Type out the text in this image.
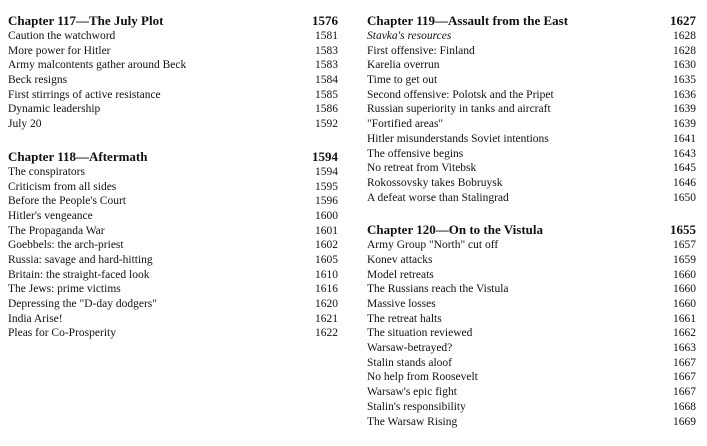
Chapter 117—The July Plot	1576
Caution the watchword	1581
More power for Hitler	1583
Army malcontents gather around Beck	1583
Beck resigns	1584
First stirrings of active resistance	1585
Dynamic leadership	1586
July 20	1592
Chapter 118—Aftermath	1594
The conspirators	1594
Criticism from all sides	1595
Before the People's Court	1596
Hitler's vengeance	1600
The Propaganda War	1601
Goebbels: the arch-priest	1602
Russia: savage and hard-hitting	1605
Britain: the straight-faced look	1610
The Jews: prime victims	1616
Depressing the "D-day dodgers"	1620
India Arise!	1621
Pleas for Co-Prosperity	1622
Chapter 119—Assault from the East	1627
Stavka's resources	1628
First offensive: Finland	1628
Karelia overrun	1630
Time to get out	1635
Second offensive: Polotsk and the Pripet	1636
Russian superiority in tanks and aircraft	1639
"Fortified areas"	1639
Hitler misunderstands Soviet intentions	1641
The offensive begins	1643
No retreat from Vitebsk	1645
Rokossovsky takes Bobruysk	1646
A defeat worse than Stalingrad	1650
Chapter 120—On to the Vistula	1655
Army Group "North" cut off	1657
Konev attacks	1659
Model retreats	1660
The Russians reach the Vistula	1660
Massive losses	1660
The retreat halts	1661
The situation reviewed	1662
Warsaw-betrayed?	1663
Stalin stands aloof	1667
No help from Roosevelt	1667
Warsaw's epic fight	1667
Stalin's responsibility	1668
The Warsaw Rising	1669
